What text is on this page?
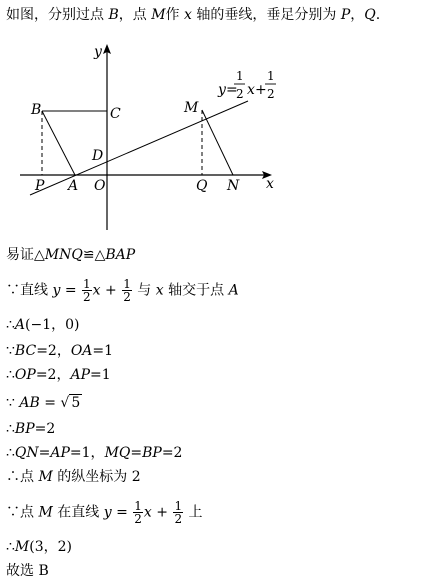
如图，分别过点 B，点 M作 x 轴的垂线，垂足分别为 P，Q.
y
x
B	C
D
M
P A O	Q N
y =
1
2 x +
1
2
易证△MNQ≌△BAP
∵直线 $y = \frac{1}{2}$ $x + \frac{1}{2}$ 与 x 轴交于点 A
∴A(−1，0)
∵BC=2，OA=1
∴OP=2，AP=1
∵ AB = √ 5
∴BP=2
∴QN=AP=1，MQ=BP=2
∴点 M 的纵坐标为 2
∵点 M 在直线 $y = \frac{1}{2}$ $x + \frac{1}{2}$ 上
∴M(3，2)
故选 B
